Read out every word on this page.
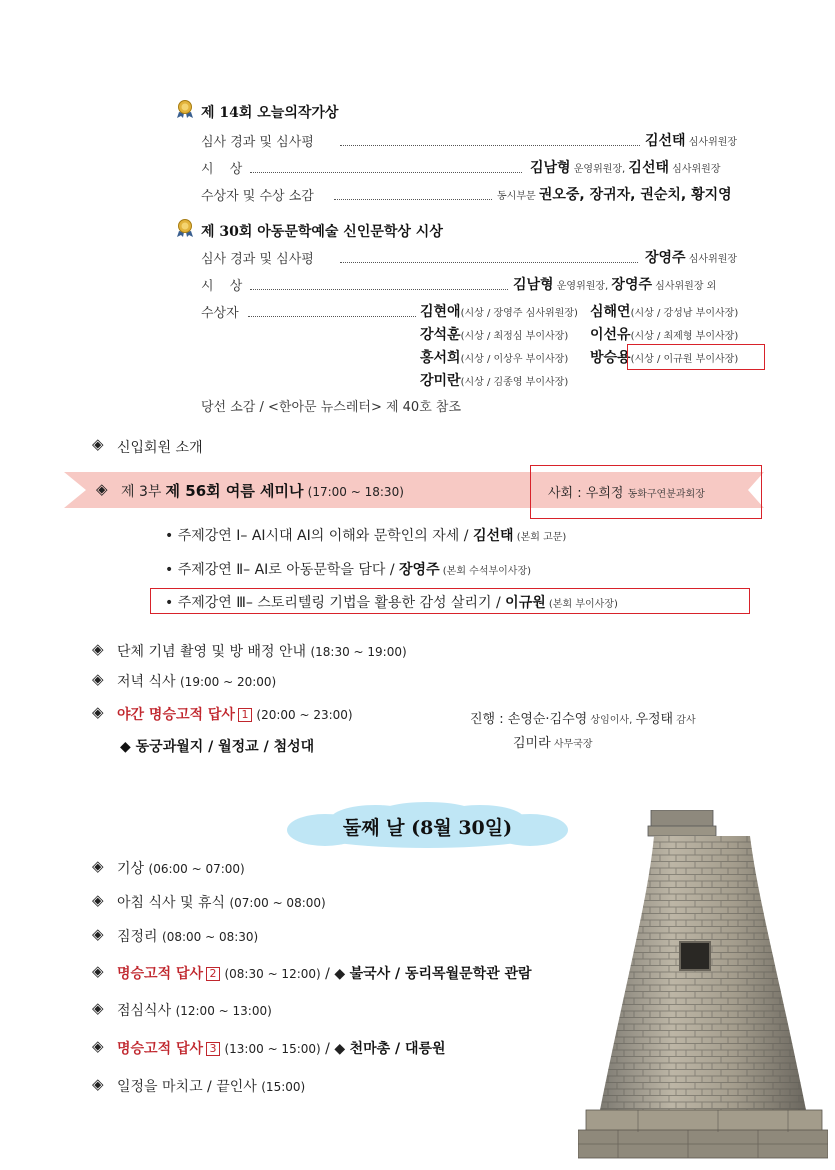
제 14회 오늘의작가상
심사 경과 및 심사평	김선태 심사위원장
시 상	김남형 운영위원장, 김선태 심사위원장
수상자 및 수상 소감	동시부문 권오중, 장귀자, 권순치, 황지영
제 30회 아동문학예술 신인문학상 시상
심사 경과 및 심사평	장영주 심사위원장
시 상	김남형 운영위원장, 장영주 심사위원장 외
수상자	김현애(시상 / 장영주 심사위원장) 심해연(시상 / 강성남 부이사장)
강석훈(시상 / 최정심 부이사장) 이선유(시상 / 최제형 부이사장)
홍서희(시상 / 이상우 부이사장) 방승용(시상 / 이규원 부이사장)
강미란(시상 / 김종영 부이사장)
당선 소감 / <한아문 뉴스레터> 제 40호 참조
◈ 신입회원 소개
◈ 제 3부 제 56회 여름 세미나 (17:00 ~ 18:30)	사회 : 우희정 동화구연분과회장
• 주제강연 Ⅰ– AI시대 AI의 이해와 문학인의 자세 / 김선태 (본회 고문)
• 주제강연 Ⅱ– AI로 아동문학을 담다 / 장영주 (본회 수석부이사장)
• 주제강연 Ⅲ– 스토리텔링 기법을 활용한 감성 살리기 / 이규원 (본회 부이사장)
◈ 단체 기념 촬영 및 방 배정 안내 (18:30 ~ 19:00)
◈ 저녁 식사 (19:00 ~ 20:00)
◈ 야간 명승고적 답사 1 (20:00 ~ 23:00)
◆ 동궁과월지 / 월정교 / 첨성대
진행 : 손영순·김수영 상임이사, 우정태 감사
김미라 사무국장
둘째 날 (8월 30일)
◈ 기상 (06:00 ~ 07:00)
◈ 아침 식사 및 휴식 (07:00 ~ 08:00)
◈ 짐정리 (08:00 ~ 08:30)
◈ 명승고적 답사 2 (08:30 ~ 12:00) / ◆ 불국사 / 동리목월문학관 관람
◈ 점심식사 (12:00 ~ 13:00)
◈ 명승고적 답사 3 (13:00 ~ 15:00) / ◆ 천마총 / 대릉원
◈ 일정을 마치고 / 끝인사 (15:00)
